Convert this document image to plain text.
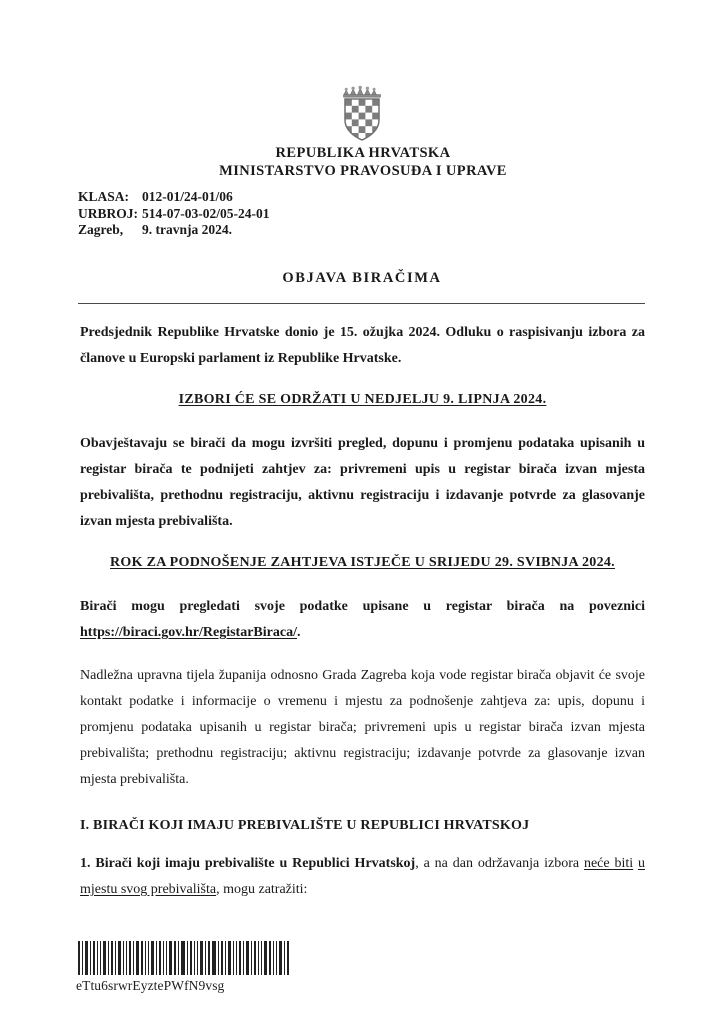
REPUBLIKA HRVATSKA
MINISTARSTVO PRAVOSUĐA I UPRAVE
KLASA: 012-01/24-01/06
URBROJ: 514-07-03-02/05-24-01
Zagreb,	9. travnja 2024.
OBJAVA BIRAČIMA

Predsjednik Republike Hrvatske donio je 15. ožujka 2024. Odluku o raspisivanju izbora za članove u Europski parlament iz Republike Hrvatske.

IZBORI ĆE SE ODRŽATI U NEDJELJU 9. LIPNJA 2024.

Obavještavaju se birači da mogu izvršiti pregled, dopunu i promjenu podataka upisanih u registar birača te podnijeti zahtjev za: privremeni upis u registar birača izvan mjesta prebivališta, prethodnu registraciju, aktivnu registraciju i izdavanje potvrde za glasovanje izvan mjesta prebivališta.

ROK ZA PODNOŠENJE ZAHTJEVA ISTJEČE U SRIJEDU 29. SVIBNJA 2024.

Birači mogu pregledati svoje podatke upisane u registar birača na poveznici https://biraci.gov.hr/RegistarBiraca/.

Nadležna upravna tijela županija odnosno Grada Zagreba koja vode registar birača objavit će svoje kontakt podatke i informacije o vremenu i mjestu za podnošenje zahtjeva za: upis, dopunu i promjenu podataka upisanih u registar birača; privremeni upis u registar birača izvan mjesta prebivališta; prethodnu registraciju; aktivnu registraciju; izdavanje potvrde za glasovanje izvan mjesta prebivališta.

I. BIRAČI KOJI IMAJU PREBIVALIŠTE U REPUBLICI HRVATSKOJ

1. Birači koji imaju prebivalište u Republici Hrvatskoj, a na dan održavanja izbora neće biti u mjestu svog prebivališta, mogu zatražiti:

eTtu6srwrEyztePWfN9vsg
